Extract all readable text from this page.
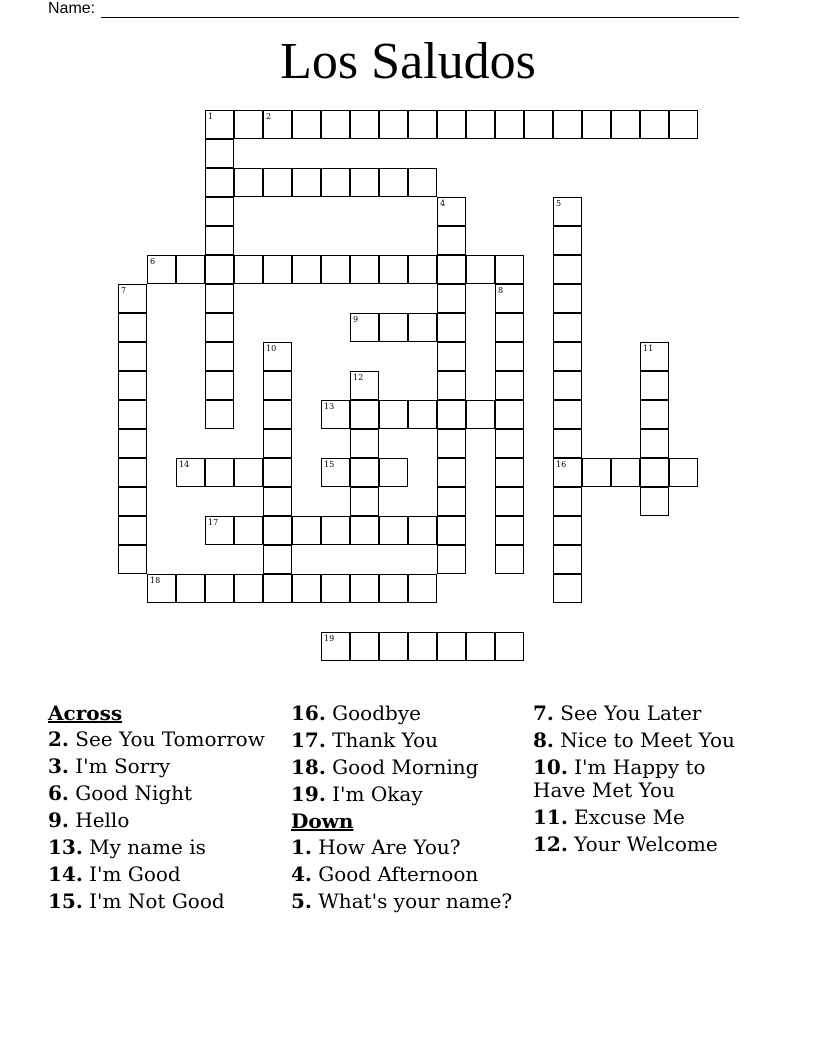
Name:
Los Saludos
1	2
6
9
13
14	15	16
17
18
19
4	5
7	8
10	11
12
Across
2. See You Tomorrow
3. I'm Sorry
6. Good Night
9. Hello
13. My name is
14. I'm Good
15. I'm Not Good
16. Goodbye
17. Thank You
18. Good Morning
19. I'm Okay
Down
1. How Are You?
4. Good Afternoon
5. What's your name?
7. See You Later
8. Nice to Meet You
10. I'm Happy to Have Met You
11. Excuse Me
12. Your Welcome
